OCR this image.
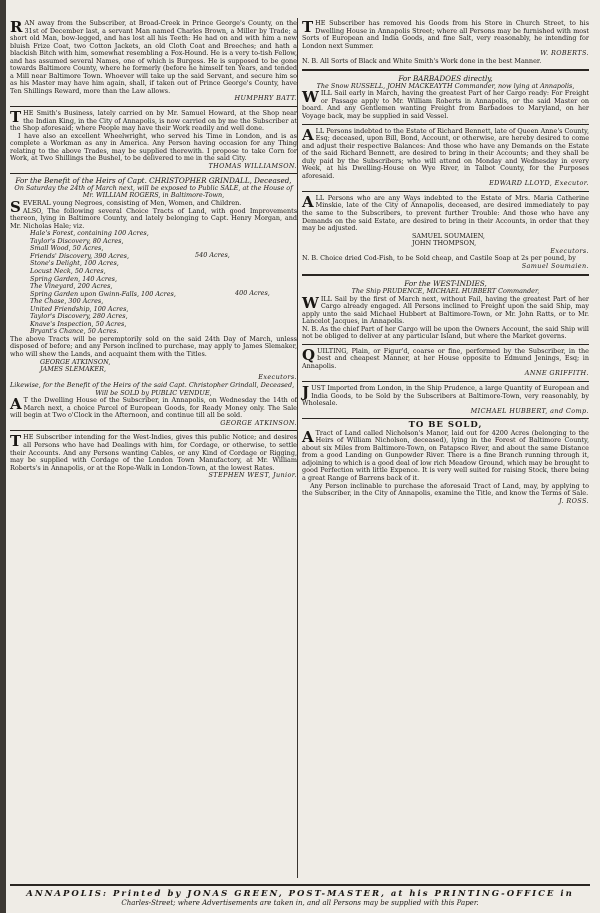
R AN away from the Subscriber, at Broad-Creek in Prince George's County, on the 31st of December last, a servant Man named Charles Brown, a Miller by Trade; a short old Man, bow-legged, and has lost all his Teeth: He had on and with him a new bluish Frize Coat, two Cotton Jackets, an old Cloth Coat and Breeches; and hath a blackish Bitch with him, somewhat resembling a Fox-Hound. He is a very to-tish Fellow, and has assumed several Names, one of which is Burgess. He is supposed to be gone towards Baltimore County, where he formerly (before he himself ten Years, and tended a Mill near Baltimore Town. Whoever will take up the said Servant, and secure him so as his Master may have him again, shall, if taken out of Prince George's County, have Ten Shillings Reward, more than the Law allows.

HUMPHRY BATT.

T HE Smith's Business, lately carried on by Mr. Samuel Howard, at the Shop near the Indian King, in the City of Annapolis, is now carried on by me the Subscriber at the Shop aforesaid; where People may have their Work readily and well done.

I have also an excellent Wheelwright, who served his Time in London, and is as complete a Workman as any in America. Any Person having occasion for any Thing relating to the above Trades, may be supplied therewith. I propose to take Corn for Work, at Two Shillings the Bushel, to be delivered to me in the said City.

THOMAS WILLIAMSON.

For the Benefit of the Heirs of Capt. CHRISTOPHER GRINDALL, Deceased,

On Saturday the 24th of March next, will be exposed to Public SALE, at the House of Mr. WILLIAM ROGERS, in Baltimore-Town,

S EVERAL young Negroes, consisting of Men, Women, and Children.

ALSO, The following several Choice Tracts of Land, with good Improvements thereon, lying in Baltimore County, and lately belonging to Capt. Henry Morgan, and Mr. Nicholas Hale; viz.

Hale's Forest, containing 100 Acres,
Taylor's Discovery, 80 Acres,
Small Wood, 50 Acres,
Friends' Discovery, 390 Acres,
Stone's Delight, 100 Acres,
Locust Neck, 50 Acres,
Spring Garden, 140 Acres,
The Vineyard, 200 Acres,
Spring Garden upon Gwinn-Falls, 100 Acres,
The Chase, 300 Acres,
United Friendship, 100 Acres,
Taylor's Discovery, 280 Acres,
Knave's Inspection, 50 Acres,
Bryant's Chance, 50 Acres.
540 Acres,
400 Acres,

The above Tracts will be peremptorily sold on the said 24th Day of March, unless disposed of before; and any Person inclined to purchase, may apply to James Slemaker, who will shew the Lands, and acquaint them with the Titles.

GEORGE ATKINSON,

JAMES SLEMAKER,

Executors.

Likewise, for the Benefit of the Heirs of the said Capt. Christopher Grindall, Deceased,

Will be SOLD by PUBLIC VENDUE,

A T the Dwelling House of the Subscriber, in Annapolis, on Wednesday the 14th of March next, a choice Parcel of European Goods, for Ready Money only. The Sale will begin at Two o'Clock in the Afternoon, and continue till all be sold.

GEORGE ATKINSON.

T HE Subscriber intending for the West-Indies, gives this public Notice; and desires all Persons who have had Dealings with him, for Cordage, or otherwise, to settle their Accounts. And any Persons wanting Cables, or any Kind of Cordage or Rigging, may be supplied with Cordage of the London Town Manufactory, at Mr. William Roberts's in Annapolis, or at the Rope-Walk in London-Town, at the lowest Rates.

STEPHEN WEST, Junior.

T HE Subscriber has removed his Goods from his Store in Church Street, to his Dwelling House in Annapolis Street; where all Persons may be furnished with most Sorts of European and India Goods, and fine Salt, very reasonably, he intending for London next Summer.

W. ROBERTS.

N. B. All Sorts of Black and White Smith's Work done in the best Manner.

For BARBADOES directly,

The Snow RUSSELL, JOHN MACKEAYTH Commander, now lying at Annapolis,

W ILL Sail early in March, having the greatest Part of her Cargo ready: For Freight or Passage apply to Mr. William Roberts in Annapolis, or the said Master on board. And any Gentlemen wanting Freight from Barbadoes to Maryland, on her Voyage back, may be supplied in said Vessel.

A LL Persons indebted to the Estate of Richard Bennett, late of Queen Anne's County, Esq; deceased, upon Bill, Bond, Account, or otherwise, are hereby desired to come and adjust their respective Balances: And those who have any Demands on the Estate of the said Richard Bennett, are desired to bring in their Accounts; and they shall be duly paid by the Subscribers; who will attend on Monday and Wednesday in every Week, at his Dwelling-House on Wye River, in Talbot County, for the Purposes aforesaid.

EDWARD LLOYD, Executor.

A LL Persons who are any Ways indebted to the Estate of Mrs. Maria Catherine Minskie, late of the City of Annapolis, deceased, are desired immediately to pay the same to the Subscribers, to prevent further Trouble: And those who have any Demands on the said Estate, are desired to bring in their Accounts, in order that they may be adjusted.

SAMUEL SOUMAIEN,

JOHN THOMPSON,

Executors.

N. B. Choice dried Cod-Fish, to be Sold cheap, and Castile Soap at 2s per pound, by

Samuel Soumaien.

For the WEST-INDIES,

The Ship PRUDENCE, MICHAEL HUBBERT Commander,

W ILL Sail by the first of March next, without Fail, having the greatest Part of her Cargo already engaged. All Persons inclined to Freight upon the said Ship, may apply unto the said Michael Hubbert at Baltimore-Town, or Mr. John Ratts, or to Mr. Lancelot Jacques, in Annapolis.

N. B. As the chief Part of her Cargo will be upon the Owners Account, the said Ship will not be obliged to deliver at any particular Island, but where the Market governs.

Q UILTING, Plain, or Figur'd, coarse or fine, performed by the Subscriber, in the best and cheapest Manner, at her House opposite to Edmund Jenings, Esq; in Annapolis.

ANNE GRIFFITH.

J UST Imported from London, in the Ship Prudence, a large Quantity of European and India Goods, to be Sold by the Subscribers at Baltimore-Town, very reasonably, by Wholesale.

MICHAEL HUBBERT, and Comp.

TO BE SOLD,

A Tract of Land called Nicholson's Manor, laid out for 4200 Acres (belonging to the Heirs of William Nicholson, deceased), lying in the Forest of Baltimore County, about six Miles from Baltimore-Town, on Patapsco River, and about the same Distance from a good Landing on Gunpowder River. There is a fine Branch running through it, adjoining to which is a good deal of low rich Meadow Ground, which may be brought to good Perfection with little Expence. It is very well suited for raising Stock, there being a great Range of Barrens back of it.

Any Person inclinable to purchase the aforesaid Tract of Land, may, by applying to the Subscriber, in the City of Annapolis, examine the Title, and know the Terms of Sale.

J. ROSS.

ANNAPOLIS: Printed by JONAS GREEN, POST-MASTER, at his PRINTING-OFFICE in

Charles-Street; where Advertisements are taken in, and all Persons may be supplied with this Paper.
